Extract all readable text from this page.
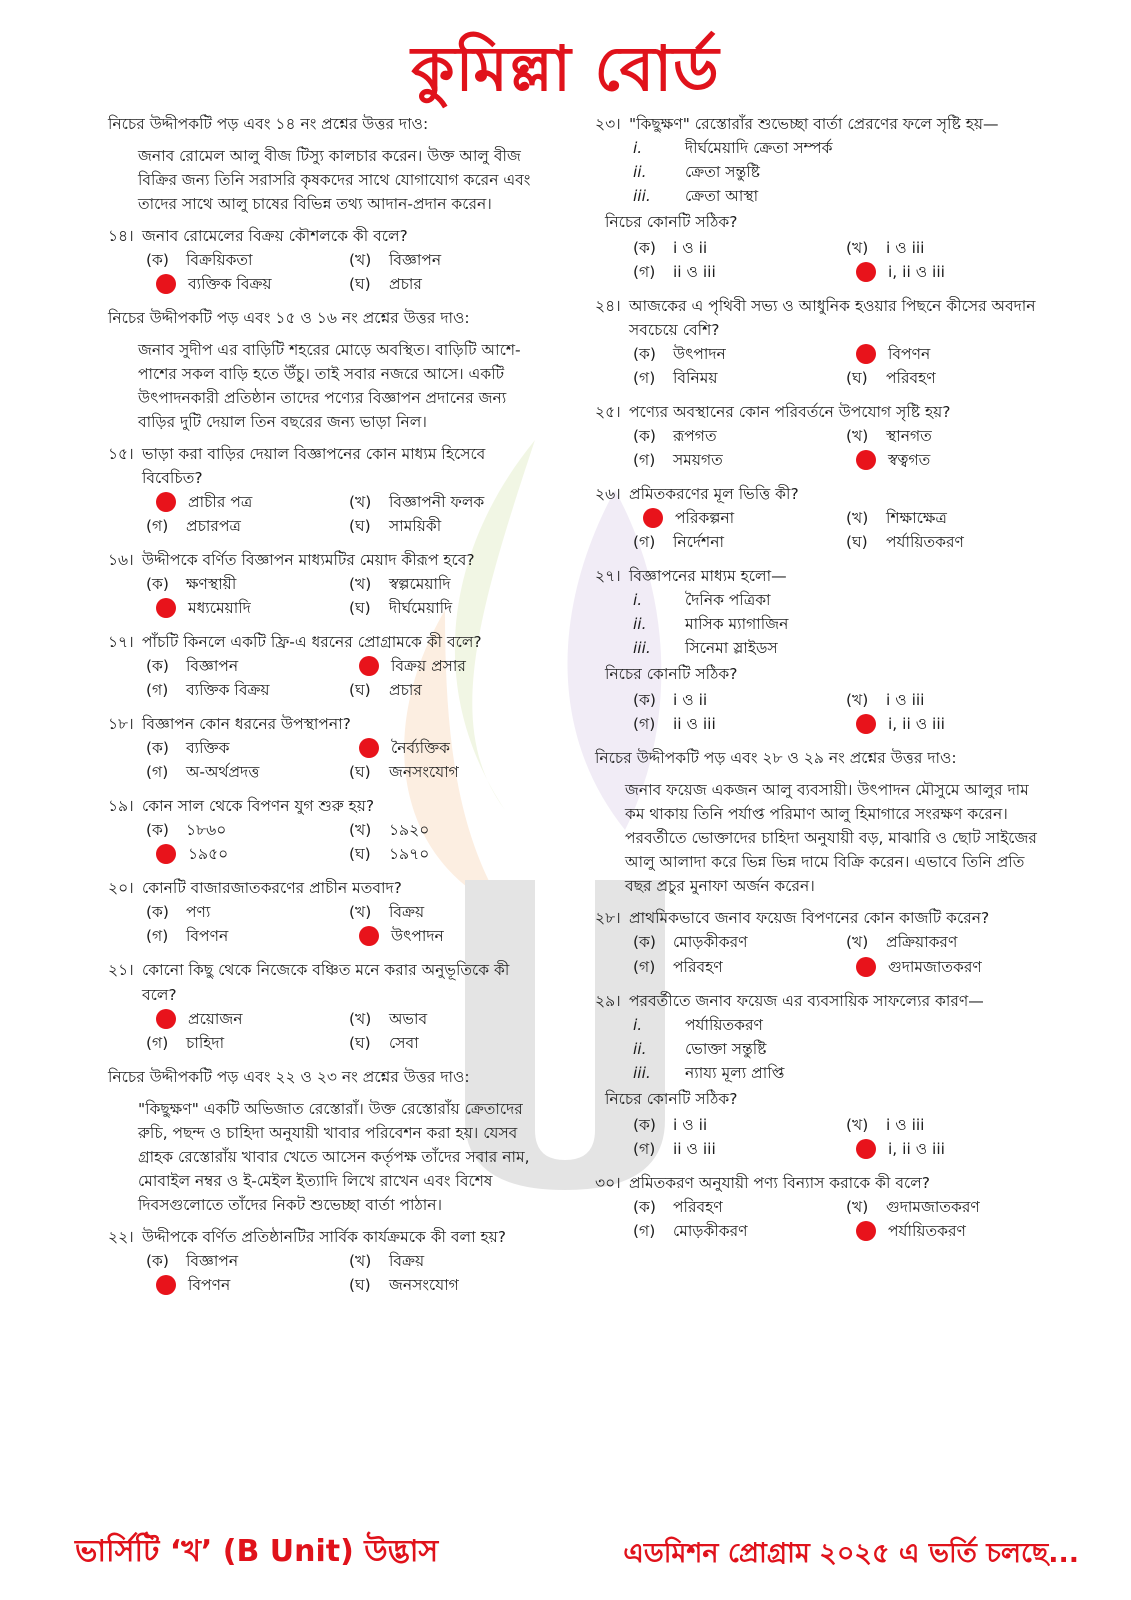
কুমিল্লা বোর্ড
নিচের উদ্দীপকটি পড় এবং ১৪ নং প্রশ্নের উত্তর দাও:
জনাব রোমেল আলু বীজ টিস্যু কালচার করেন। উক্ত আলু বীজ বিক্রির জন্য তিনি সরাসরি কৃষকদের সাথে যোগাযোগ করেন এবং তাদের সাথে আলু চাষের বিভিন্ন তথ্য আদান-প্রদান করেন।
১৪। জনাব রোমেলের বিক্রয় কৌশলকে কী বলে?
(ক)	বিক্রয়িকতা	(খ)	বিজ্ঞাপন
ব্যক্তিক বিক্রয়	(ঘ)	প্রচার
নিচের উদ্দীপকটি পড় এবং ১৫ ও ১৬ নং প্রশ্নের উত্তর দাও:
জনাব সুদীপ এর বাড়িটি শহরের মোড়ে অবস্থিত। বাড়িটি আশে-পাশের সকল বাড়ি হতে উঁচু। তাই সবার নজরে আসে। একটি উৎপাদনকারী প্রতিষ্ঠান তাদের পণ্যের বিজ্ঞাপন প্রদানের জন্য বাড়ির দুটি দেয়াল তিন বছরের জন্য ভাড়া নিল।
১৫। ভাড়া করা বাড়ির দেয়াল বিজ্ঞাপনের কোন মাধ্যম হিসেবে বিবেচিত?
প্রাচীর পত্র	(খ)	বিজ্ঞাপনী ফলক
(গ)	প্রচারপত্র	(ঘ)	সাময়িকী
১৬। উদ্দীপকে বর্ণিত বিজ্ঞাপন মাধ্যমটির মেয়াদ কীরূপ হবে?
(ক)	ক্ষণস্থায়ী	(খ)	স্বল্পমেয়াদি
মধ্যমেয়াদি	(ঘ)	দীর্ঘমেয়াদি
১৭। পাঁচটি কিনলে একটি ফ্রি-এ ধরনের প্রোগ্রামকে কী বলে?
(ক)	বিজ্ঞাপন	বিক্রয় প্রসার
(গ)	ব্যক্তিক বিক্রয়	(ঘ)	প্রচার
১৮। বিজ্ঞাপন কোন ধরনের উপস্থাপনা?
(ক)	ব্যক্তিক	নৈর্ব্যক্তিক
(গ)	অ-অর্থপ্রদত্ত	(ঘ)	জনসংযোগ
১৯। কোন সাল থেকে বিপণন যুগ শুরু হয়?
(ক)	১৮৬০	(খ)	১৯২০
১৯৫০	(ঘ)	১৯৭০
২০। কোনটি বাজারজাতকরণের প্রাচীন মতবাদ?
(ক)	পণ্য	(খ)	বিক্রয়
(গ)	বিপণন	উৎপাদন
২১। কোনো কিছু থেকে নিজেকে বঞ্চিত মনে করার অনুভূতিকে কী বলে?
প্রয়োজন	(খ)	অভাব
(গ)	চাহিদা	(ঘ)	সেবা
নিচের উদ্দীপকটি পড় এবং ২২ ও ২৩ নং প্রশ্নের উত্তর দাও:
"কিছুক্ষণ" একটি অভিজাত রেস্তোরাঁ। উক্ত রেস্তোরাঁয় ক্রেতাদের রুচি, পছন্দ ও চাহিদা অনুযায়ী খাবার পরিবেশন করা হয়। যেসব গ্রাহক রেস্তোরাঁয় খাবার খেতে আসেন কর্তৃপক্ষ তাঁদের সবার নাম, মোবাইল নম্বর ও ই-মেইল ইত্যাদি লিখে রাখেন এবং বিশেষ দিবসগুলোতে তাঁদের নিকট শুভেচ্ছা বার্তা পাঠান।
২২। উদ্দীপকে বর্ণিত প্রতিষ্ঠানটির সার্বিক কার্যক্রমকে কী বলা হয়?
(ক)	বিজ্ঞাপন	(খ)	বিক্রয়
বিপণন	(ঘ)	জনসংযোগ
২৩। "কিছুক্ষণ" রেস্তোরাঁর শুভেচ্ছা বার্তা প্রেরণের ফলে সৃষ্টি হয়—
i.	দীর্ঘমেয়াদি ক্রেতা সম্পর্ক
ii.	ক্রেতা সন্তুষ্টি
iii.	ক্রেতা আস্থা
নিচের কোনটি সঠিক?
(ক)	i ও ii	(খ)	i ও iii
(গ)	ii ও iii	i, ii ও iii
২৪। আজকের এ পৃথিবী সভ্য ও আধুনিক হওয়ার পিছনে কীসের অবদান সবচেয়ে বেশি?
(ক)	উৎপাদন	বিপণন
(গ)	বিনিময়	(ঘ)	পরিবহণ
২৫। পণ্যের অবস্থানের কোন পরিবর্তনে উপযোগ সৃষ্টি হয়?
(ক)	রূপগত	(খ)	স্থানগত
(গ)	সময়গত	স্বত্বগত
২৬। প্রমিতকরণের মূল ভিত্তি কী?
পরিকল্পনা	(খ)	শিক্ষাক্ষেত্র
(গ)	নির্দেশনা	(ঘ)	পর্যায়িতকরণ
২৭। বিজ্ঞাপনের মাধ্যম হলো—
i.	দৈনিক পত্রিকা
ii.	মাসিক ম্যাগাজিন
iii.	সিনেমা স্লাইডস
নিচের কোনটি সঠিক?
(ক)	i ও ii	(খ)	i ও iii
(গ)	ii ও iii	i, ii ও iii
নিচের উদ্দীপকটি পড় এবং ২৮ ও ২৯ নং প্রশ্নের উত্তর দাও:
জনাব ফয়েজ একজন আলু ব্যবসায়ী। উৎপাদন মৌসুমে আলুর দাম কম থাকায় তিনি পর্যাপ্ত পরিমাণ আলু হিমাগারে সংরক্ষণ করেন। পরবর্তীতে ভোক্তাদের চাহিদা অনুযায়ী বড়, মাঝারি ও ছোট সাইজের আলু আলাদা করে ভিন্ন ভিন্ন দামে বিক্রি করেন। এভাবে তিনি প্রতি বছর প্রচুর মুনাফা অর্জন করেন।
২৮। প্রাথমিকভাবে জনাব ফয়েজ বিপণনের কোন কাজটি করেন?
(ক)	মোড়কীকরণ	(খ)	প্রক্রিয়াকরণ
(গ)	পরিবহণ	গুদামজাতকরণ
২৯। পরবর্তীতে জনাব ফয়েজ এর ব্যবসায়িক সাফল্যের কারণ—
i.	পর্যায়িতকরণ
ii.	ভোক্তা সন্তুষ্টি
iii.	ন্যায্য মূল্য প্রাপ্তি
নিচের কোনটি সঠিক?
(ক)	i ও ii	(খ)	i ও iii
(গ)	ii ও iii	i, ii ও iii
৩০। প্রমিতকরণ অনুযায়ী পণ্য বিন্যাস করাকে কী বলে?
(ক)	পরিবহণ	(খ)	গুদামজাতকরণ
(গ)	মোড়কীকরণ	পর্যায়িতকরণ
ভার্সিটি ‘খ’ (B Unit) উদ্ভাস	এডমিশন প্রোগ্রাম ২০২৫ এ ভর্তি চলছে...
